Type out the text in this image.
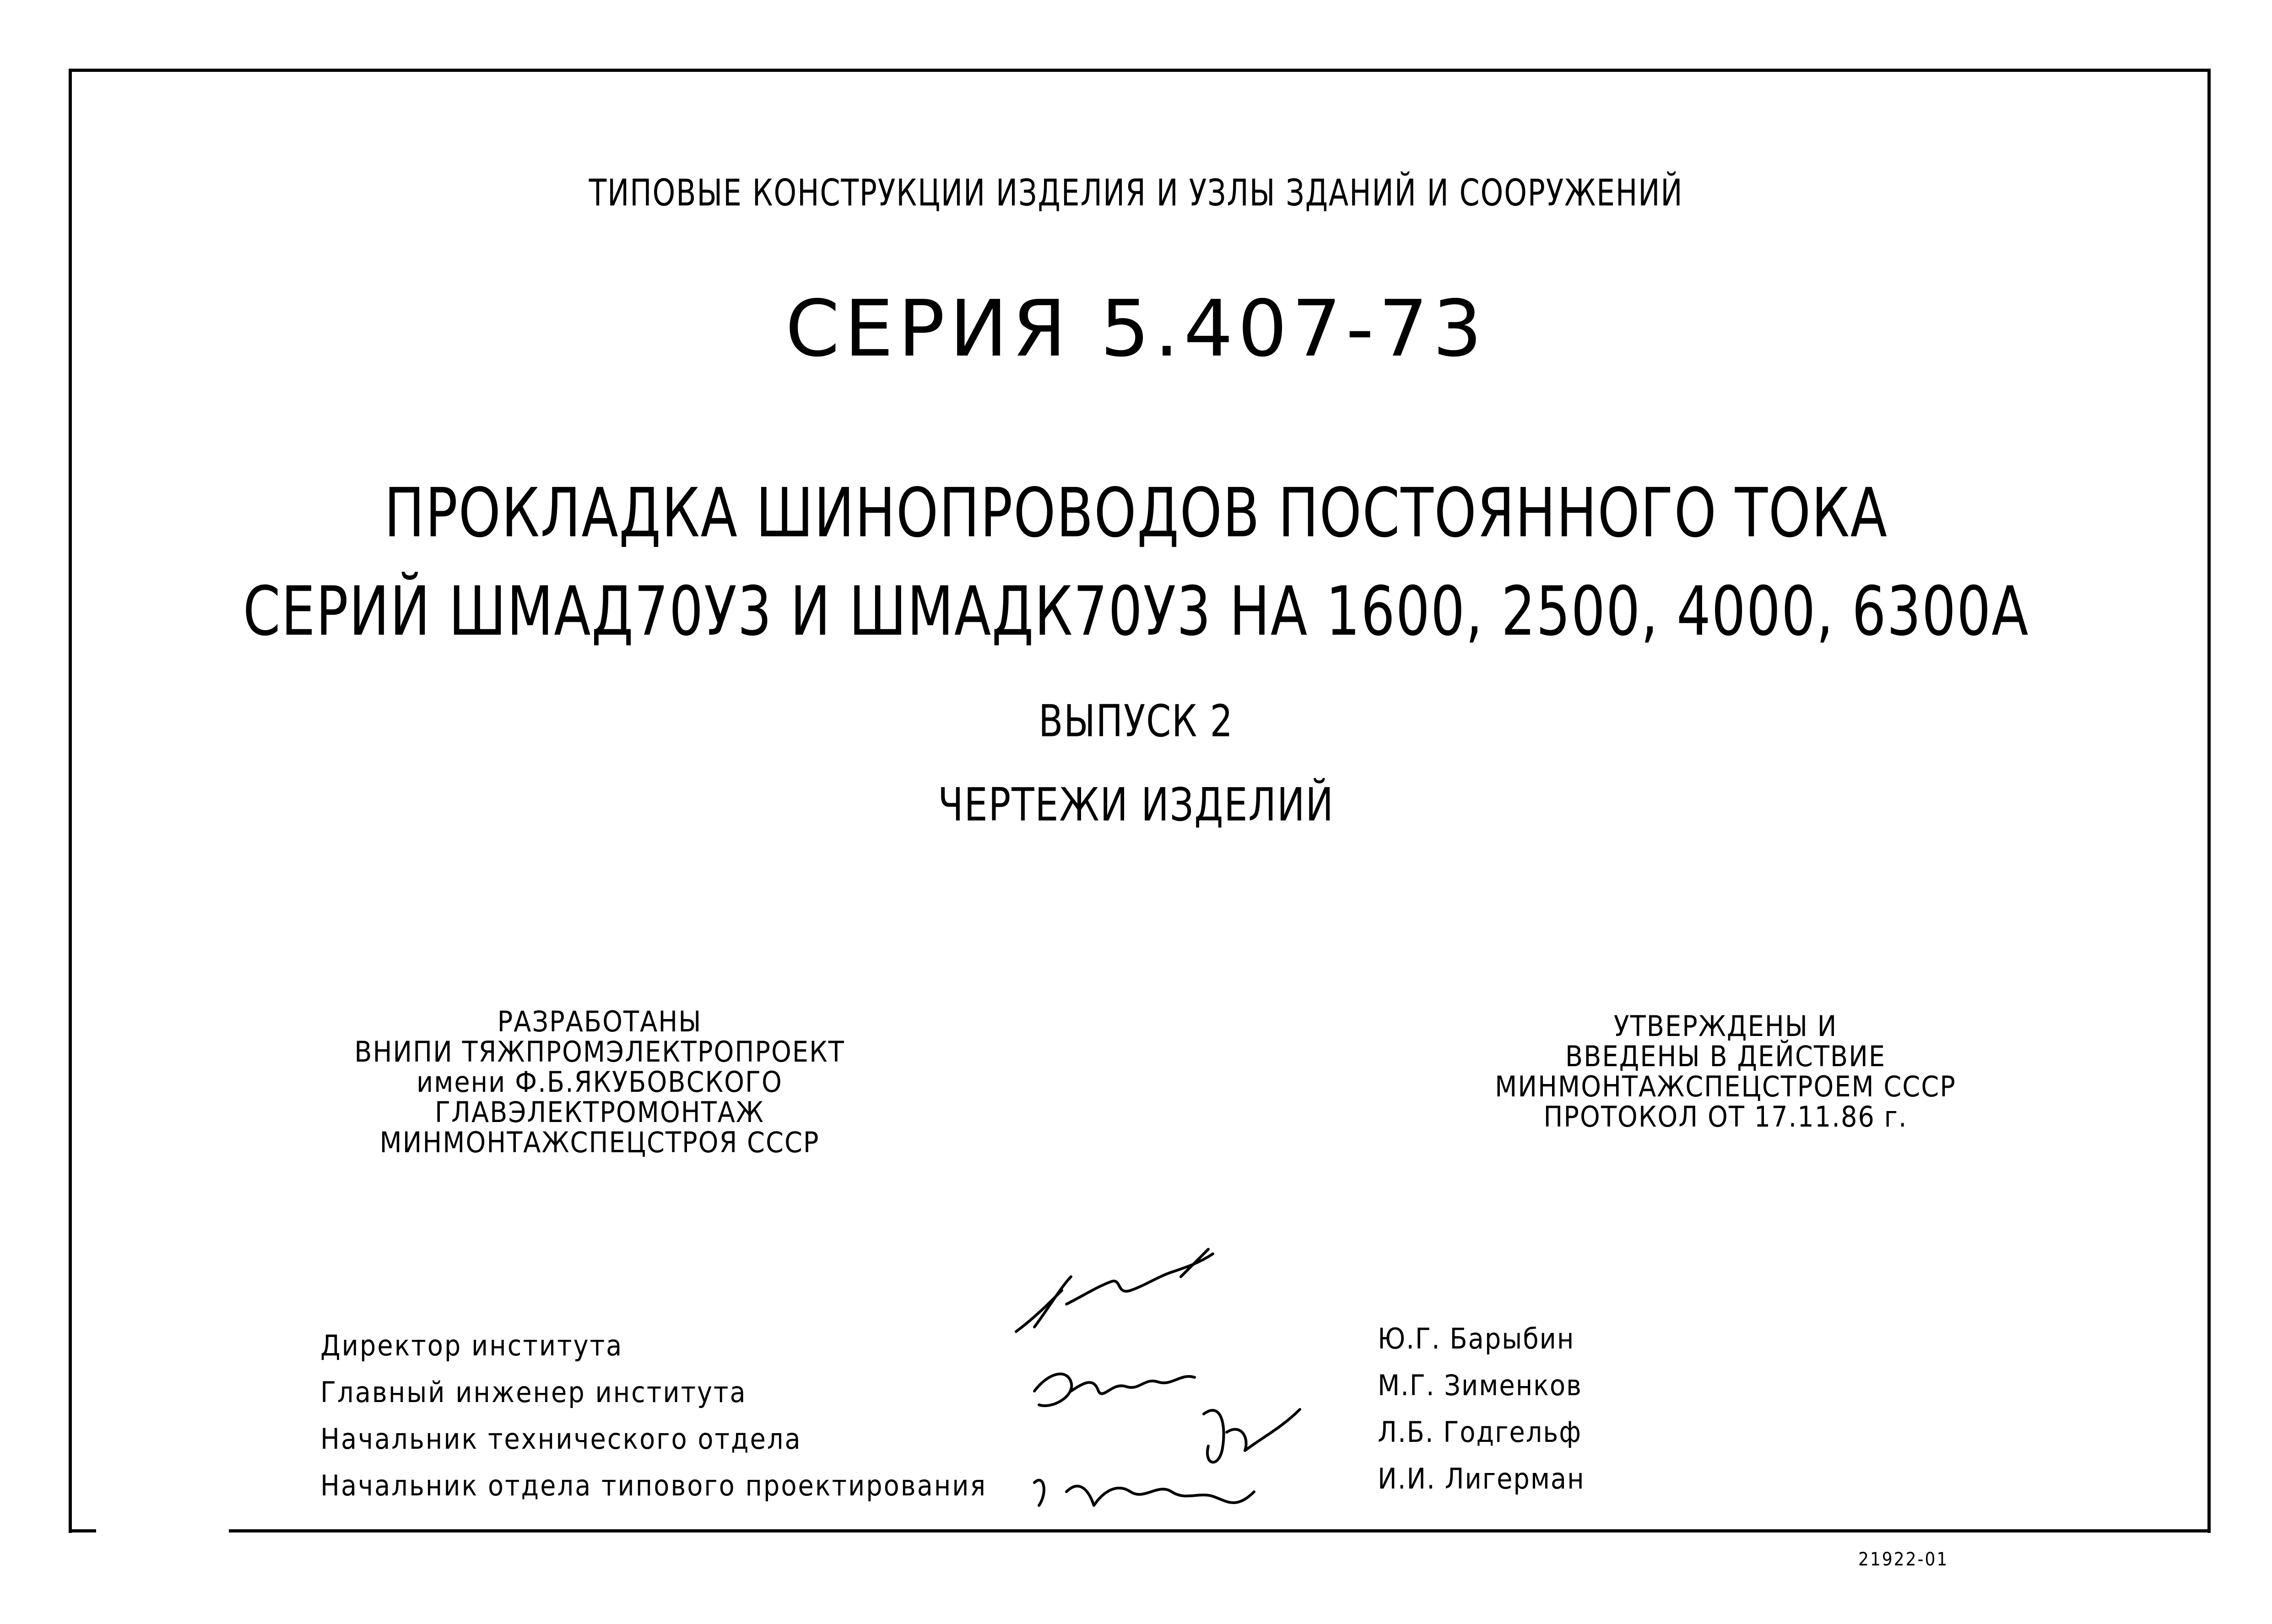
ТИПОВЫЕ КОНСТРУКЦИИ ИЗДЕЛИЯ И УЗЛЫ ЗДАНИЙ И СООРУЖЕНИЙ
СЕРИЯ 5.407-73
ПРОКЛАДКА ШИНОПРОВОДОВ ПОСТОЯННОГО ТОКА
СЕРИЙ ШМАД70У3 И ШМАДК70У3 НА 1600, 2500, 4000, 6300А
ВЫПУСК 2
ЧЕРТЕЖИ ИЗДЕЛИЙ
РАЗРАБОТАНЫ
ВНИПИ ТЯЖПРОМЭЛЕКТРОПРОЕКТ
имени Ф.Б.ЯКУБОВСКОГО
ГЛАВЭЛЕКТРОМОНТАЖ
МИНМОНТАЖСПЕЦСТРОЯ СССР
УТВЕРЖДЕНЫ И
ВВЕДЕНЫ В ДЕЙСТВИЕ
МИНМОНТАЖСПЕЦСТРОЕМ СССР
ПРОТОКОЛ ОТ 17.11.86 г.
Директор института
Главный инженер института
Начальник технического отдела
Начальник отдела типового проектирования
Ю.Г. Барыбин
М.Г. Зименков
Л.Б. Годгельф
И.И. Лигерман
21922-01
